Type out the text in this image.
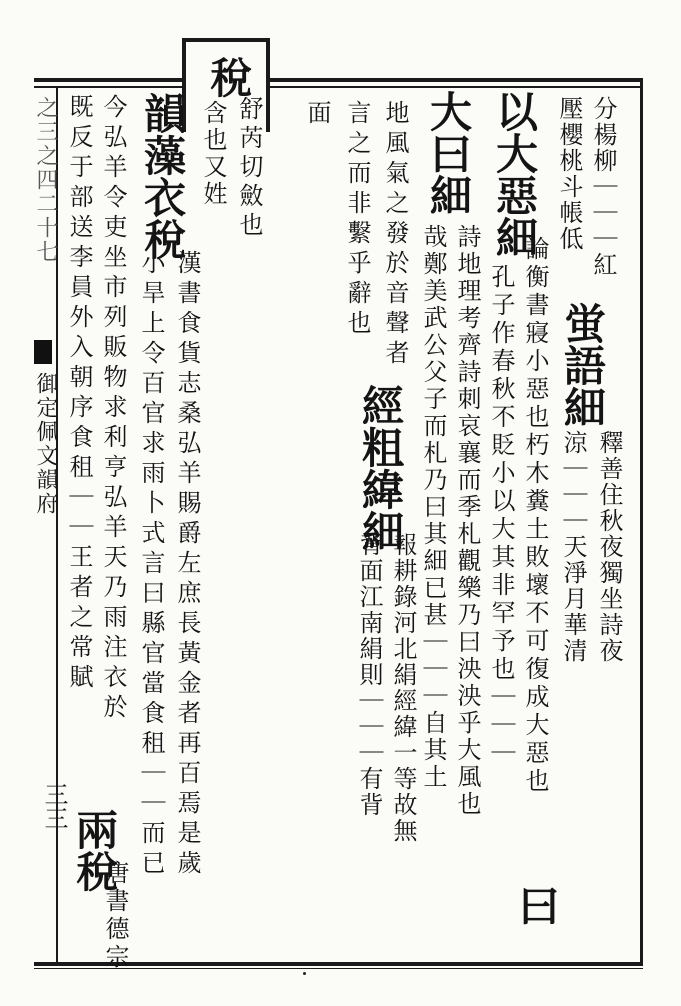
之三之四二十七
御定佩文韻府
三三
分楊柳｜｜｜紅
壓櫻桃斗帳低
蛍語細
釋善住秋夜獨坐詩夜
涼｜｜｜天淨月華清
以大惡細
論衡書寢小惡也朽木糞土敗壞不可復成大惡也
孔子作春秋不貶小以大其非罕予也｜｜｜
曰
大曰細
詩地理考齊詩刺哀襄而季札觀樂乃曰泱泱乎大風也
哉鄭美武公父子而札乃曰其細已甚｜｜｜自其土
地風氣之發於音聲者
經粗緯細
報耕錄河北絹經緯一等故無
言之而非繫乎辭也
背面江南絹則｜｜｜有背
面
稅
舒芮切斂也
含也又姓
韻藻衣稅
漢書食貨志桑弘羊賜爵左庶長黃金者再百焉是歲
小旱上令百官求雨卜式言曰縣官當食租｜｜而已
今弘羊令吏坐市列販物求利亨弘羊天乃雨注衣於
兩稅
唐書德宗
既反于部送李員外入朝序食租｜｜王者之常賦
